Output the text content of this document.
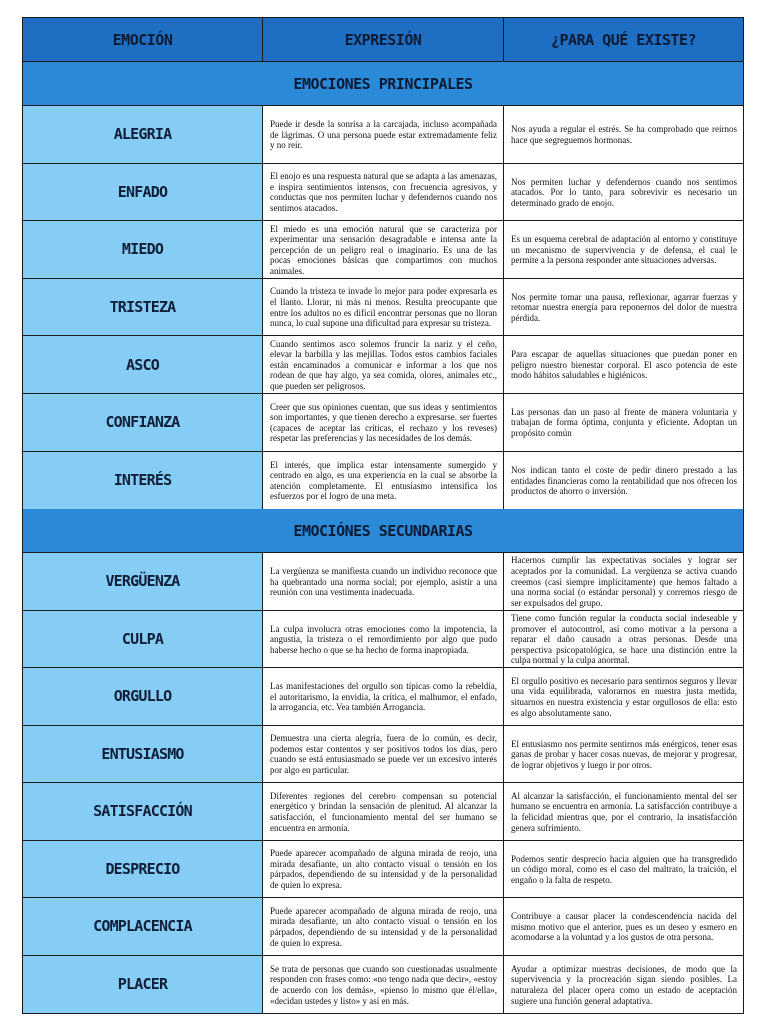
EMOCIÓN	EXPRESIÓN	¿PARA QUÉ EXISTE?
EMOCIONES PRINCIPALES
ALEGRIA
Puede ir desde la sonrisa a la carcajada, incluso acompañada de lágrimas. O una persona puede estar extremadamente feliz y no reír.
Nos ayuda a regular el estrés. Se ha comprobado que reírnos hace que segreguemos hormonas.
ENFADO
El enojo es una respuesta natural que se adapta a las amenazas, e inspira sentimientos intensos, con frecuencia agresivos, y conductas que nos permiten luchar y defendernos cuando nos sentimos atacados.
Nos permiten luchar y defendernos cuando nos sentimos atacados. Por lo tanto, para sobrevivir es necesario un determinado grado de enojo.
MIEDO
El miedo es una emoción natural que se caracteriza por experimentar una sensación desagradable e intensa ante la percepción de un peligro real o imaginario. Es una de las pocas emociones básicas que compartimos con muchos animales.
Es un esquema cerebral de adaptación al entorno y constituye un mecanismo de supervivencia y de defensa, el cual le permite a la persona responder ante situaciones adversas.
TRISTEZA
Cuando la tristeza te invade lo mejor para poder expresarla es el llanto. Llorar, ni más ni menos. Resulta preocupante que entre los adultos no es difícil encontrar personas que no lloran nunca, lo cual supone una dificultad para expresar su tristeza.
Nos permite tomar una pausa, reflexionar, agarrar fuerzas y retomar nuestra energía para reponernos del dolor de nuestra pérdida.
ASCO
Cuando sentimos asco solemos fruncir la nariz y el ceño, elevar la barbilla y las mejillas. Todos estos cambios faciales están encaminados a comunicar e informar a los que nos rodean de que hay algo, ya sea comida, olores, animales etc., que pueden ser peligrosos.
Para escapar de aquellas situaciones que puedan poner en peligro nuestro bienestar corporal. El asco potencia de este modo hábitos saludables e higiénicos.
CONFIANZA
Creer que sus opiniones cuentan, que sus ideas y sentimientos son importantes, y que tienen derecho a expresarse. ser fuertes (capaces de aceptar las críticas, el rechazo y los reveses) respetar las preferencias y las necesidades de los demás.
Las personas dan un paso al frente de manera voluntaria y trabajan de forma óptima, conjunta y eficiente. Adoptan un propósito común
INTERÉS
El interés, que implica estar intensamente sumergido y centrado en algo, es una experiencia en la cual se absorbe la atención completamente. El entusiasmo intensifica los esfuerzos por el logro de una meta.
Nos indican tanto el coste de pedir dinero prestado a las entidades financieras como la rentabilidad que nos ofrecen los productos de ahorro o inversión.
EMOCIÓNES SECUNDARIAS
VERGÜENZA
La vergüenza se manifiesta cuando un individuo reconoce que ha quebrantado una norma social; por ejemplo, asistir a una reunión con una vestimenta inadecuada.
Hacernos cumplir las expectativas sociales y lograr ser aceptados por la comunidad. La vergüenza se activa cuando creemos (casi siempre implícitamente) que hemos faltado a una norma social (o estándar personal) y corremos riesgo de ser expulsados del grupo.
CULPA
La culpa involucra otras emociones como la impotencia, la angustia, la tristeza o el remordimiento por algo que pudo haberse hecho o que se ha hecho de forma inapropiada.
Tiene como función regular la conducta social indeseable y promover el autocontrol, así como motivar a la persona a reparar el daño causado a otras personas. Desde una perspectiva psicopatológica, se hace una distinción entre la culpa normal y la culpa anormal.
ORGULLO
Las manifestaciones del orgullo son típicas como la rebeldía, el autoritarismo, la envidia, la crítica, el malhumor, el enfado, la arrogancia, etc. Vea también Arrogancia.
El orgullo positivo es necesario para sentirnos seguros y llevar una vida equilibrada, valorarnos en nuestra justa medida, situarnos en nuestra existencia y estar orgullosos de ella: esto es algo absolutamente sano.
ENTUSIASMO
Demuestra una cierta alegría, fuera de lo común, es decir, podemos estar contentos y ser positivos todos los días, pero cuando se está entusiasmado se puede ver un excesivo interés por algo en particular.
El entusiasmo nos permite sentirnos más enérgicos, tener esas ganas de probar y hacer cosas nuevas, de mejorar y progresar, de lograr objetivos y luego ir por otros.
SATISFACCIÓN
Diferentes regiones del cerebro compensan su potencial energético y brindan la sensación de plenitud. Al alcanzar la satisfacción, el funcionamiento mental del ser humano se encuentra en armonía.
Al alcanzar la satisfacción, el funcionamiento mental del ser humano se encuentra en armonía. La satisfacción contribuye a la felicidad mientras que, por el contrario, la insatisfacción genera sufrimiento.
DESPRECIO
Puede aparecer acompañado de alguna mirada de reojo, una mirada desafiante, un alto contacto visual o tensión en los párpados, dependiendo de su intensidad y de la personalidad de quien lo expresa.
Podemos sentir desprecio hacia alguien que ha transgredido un código moral, como es el caso del maltrato, la traición, el engaño o la falta de respeto.
COMPLACENCIA
Puede aparecer acompañado de alguna mirada de reojo, una mirada desafiante, un alto contacto visual o tensión en los párpados, dependiendo de su intensidad y de la personalidad de quien lo expresa.
Contribuye a causar placer la condescendencia nacida del mismo motivo que el anterior, pues es un deseo y esmero en acomodarse a la voluntad y a los gustos de otra persona.
PLACER
Se trata de personas que cuando son cuestionadas usualmente responden con frases como: «no tengo nada que decir», «estoy de acuerdo con los demás», «pienso lo mismo que él/ella», «decidan ustedes y listo» y así en más.
Ayudar a optimizar nuestras decisiones, de modo que la supervivencia y la procreación sigan siendo posibles. La naturaleza del placer opera como un estado de aceptación sugiere una función general adaptativa.
